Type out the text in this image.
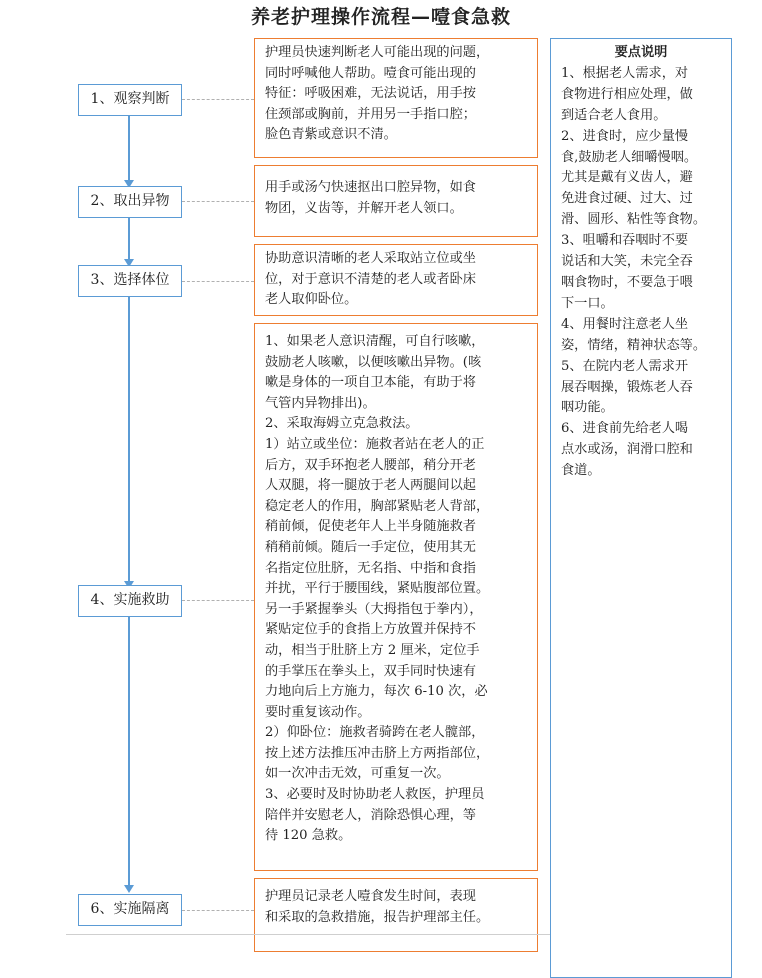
养老护理操作流程—噎食急救
1、观察判断
2、取出异物
3、选择体位
4、实施救助
6、实施隔离
护理员快速判断老人可能出现的问题，
同时呼喊他人帮助。噎食可能出现的
特征：呼吸困难，无法说话，用手按
住颈部或胸前，并用另一手指口腔；
脸色青紫或意识不清。
用手或汤勺快速抠出口腔异物，如食
物团，义齿等，并解开老人领口。
协助意识清晰的老人采取站立位或坐
位，对于意识不清楚的老人或者卧床
老人取仰卧位。
1、如果老人意识清醒，可自行咳嗽，
鼓励老人咳嗽，以便咳嗽出异物。(咳
嗽是身体的一项自卫本能，有助于将
气管内异物排出)。
2、采取海姆立克急救法。
1）站立或坐位：施救者站在老人的正
后方，双手环抱老人腰部，稍分开老
人双腿，将一腿放于老人两腿间以起
稳定老人的作用，胸部紧贴老人背部，
稍前倾，促使老年人上半身随施救者
稍稍前倾。随后一手定位，使用其无
名指定位肚脐，无名指、中指和食指
并扰，平行于腰围线，紧贴腹部位置。
另一手紧握拳头（大拇指包于拳内），
紧贴定位手的食指上方放置并保持不
动，相当于肚脐上方 2 厘米，定位手
的手掌压在拳头上，双手同时快速有
力地向后上方施力，每次 6-10 次，必
要时重复该动作。
2）仰卧位：施救者骑跨在老人髋部，
按上述方法推压冲击脐上方两指部位，
如一次冲击无效，可重复一次。
3、必要时及时协助老人救医，护理员
陪伴并安慰老人，消除恐惧心理，等
待 120 急救。
护理员记录老人噎食发生时间，表现
和采取的急救措施，报告护理部主任。
要点说明
1、根据老人需求，对
食物进行相应处理，做
到适合老人食用。
2、进食时，应少量慢
食,鼓励老人细嚼慢咽。
尤其是戴有义齿人，避
免进食过硬、过大、过
滑、圆形、粘性等食物。
3、咀嚼和吞咽时不要
说话和大笑，未完全吞
咽食物时，不要急于喂
下一口。
4、用餐时注意老人坐
姿，情绪，精神状态等。
5、在院内老人需求开
展吞咽操，锻炼老人吞
咽功能。
6、进食前先给老人喝
点水或汤，润滑口腔和
食道。
